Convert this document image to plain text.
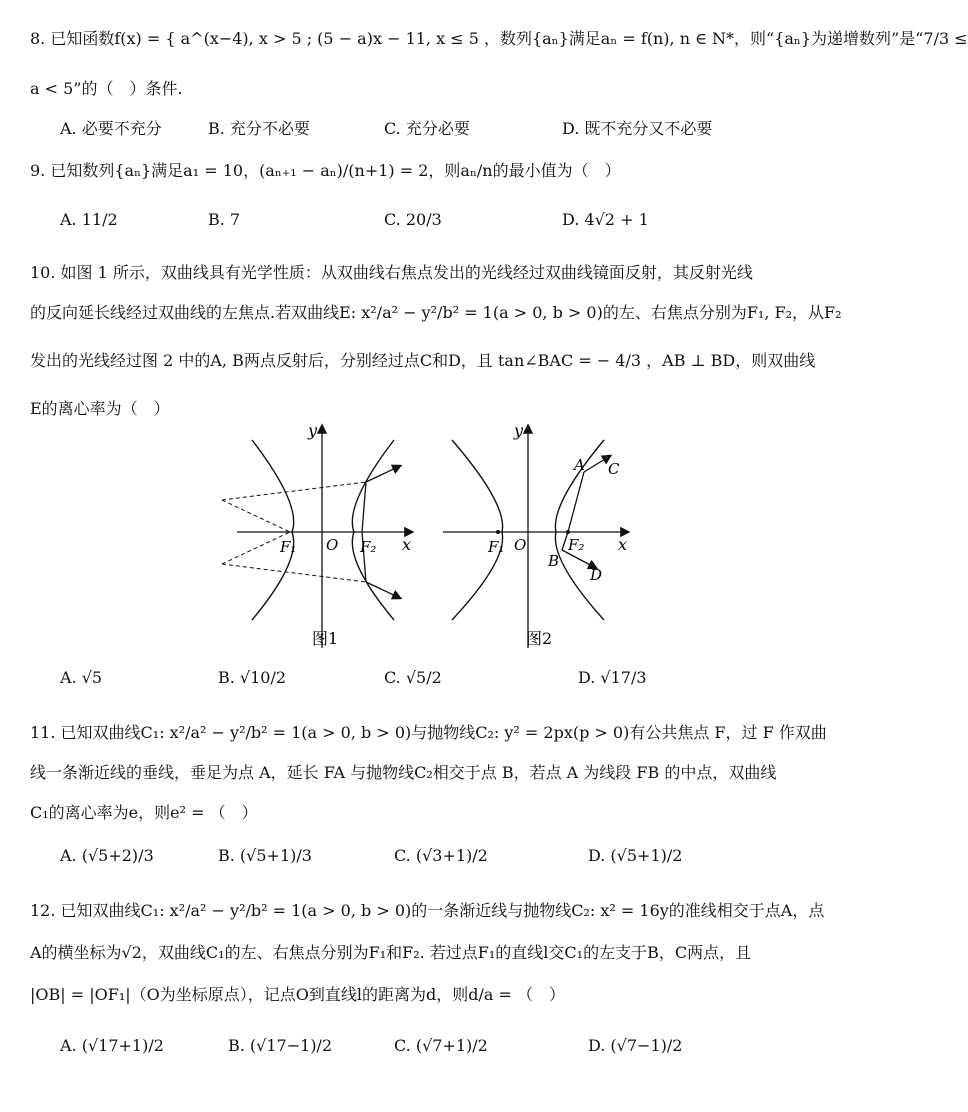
8. 已知函数f(x) = { a^(x−4), x > 5 ; (5 − a)x − 11, x ≤ 5 ，数列{aₙ}满足aₙ = f(n), n ∈ N*，则“{aₙ}为递增数列”是“7/3 ≤
a < 5”的（　）条件.
A. 必要不充分	B. 充分不必要	C. 充分必要	D. 既不充分又不必要
9. 已知数列{aₙ}满足a₁ = 10，(aₙ₊₁ − aₙ)/(n+1) = 2，则aₙ/n的最小值为（　）
A. 11/2	B. 7	C. 20/3	D. 4√2 + 1
10. 如图 1 所示，双曲线具有光学性质：从双曲线右焦点发出的光线经过双曲线镜面反射，其反射光线
的反向延长线经过双曲线的左焦点.若双曲线E: x²/a² − y²/b² = 1(a > 0, b > 0)的左、右焦点分别为F₁, F₂，从F₂
发出的光线经过图 2 中的A, B两点反射后，分别经过点C和D，且 tan∠BAC = − 4/3 ，AB ⊥ BD，则双曲线
E的离心率为（　）
y
x
O
F₁	F₂
图1
y
x
O
F₁	F₂
A
B
C
D
图2
A. √5	B. √10/2	C. √5/2	D. √17/3
11. 已知双曲线C₁: x²/a² − y²/b² = 1(a > 0, b > 0)与抛物线C₂: y² = 2px(p > 0)有公共焦点 F，过 F 作双曲
线一条渐近线的垂线，垂足为点 A，延长 FA 与抛物线C₂相交于点 B，若点 A 为线段 FB 的中点，双曲线
C₁的离心率为e，则e² = （　）
A. (√5+2)/3	B. (√5+1)/3	C. (√3+1)/2	D. (√5+1)/2
12. 已知双曲线C₁: x²/a² − y²/b² = 1(a > 0, b > 0)的一条渐近线与抛物线C₂: x² = 16y的准线相交于点A，点
A的横坐标为√2，双曲线C₁的左、右焦点分别为F₁和F₂. 若过点F₁的直线l交C₁的左支于B，C两点，且
|OB| = |OF₁|（O为坐标原点），记点O到直线l的距离为d，则d/a = （　）
A. (√17+1)/2	B. (√17−1)/2	C. (√7+1)/2	D. (√7−1)/2
